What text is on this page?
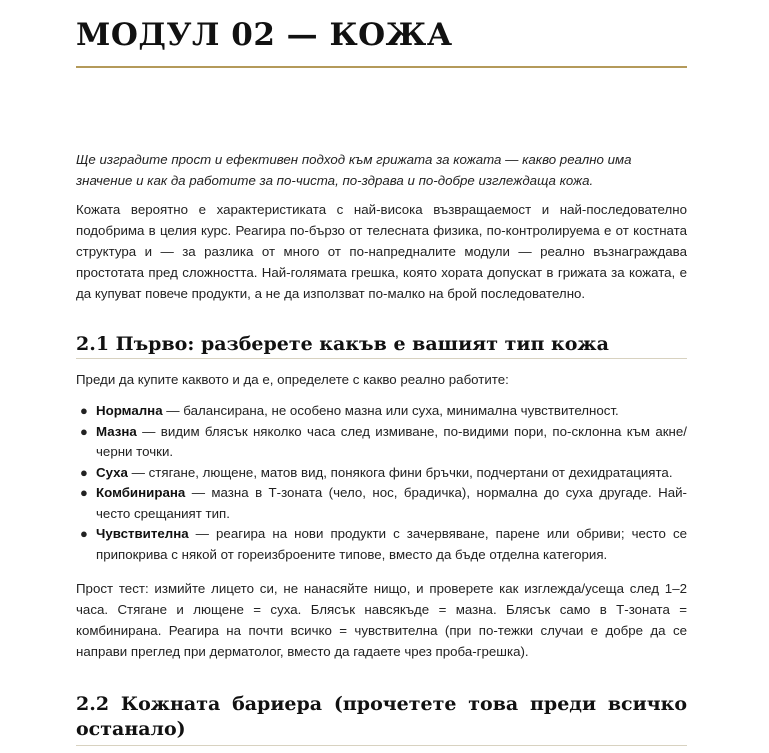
МОДУЛ 02 — КОЖА

Ще изградите прост и ефективен подход към грижата за кожата — какво реално има значение и как да работите за по-чиста, по-здрава и по-добре изглеждаща кожа.

Кожата вероятно е характеристиката с най-висока възвращаемост и най-последователно подобрима в целия курс. Реагира по-бързо от телесната физика, по-контролируема е от костната структура и — за разлика от много от по-напредналите модули — реално възнаграждава простотата пред сложността. Най-голямата грешка, която хората допускат в грижата за кожата, е да купуват повече продукти, а не да използват по-малко на брой последователно.

2.1 Първо: разберете какъв е вашият тип кожа

Преди да купите каквото и да е, определете с какво реално работите:

● Нормална — балансирана, не особено мазна или суха, минимална чувствителност.
● Мазна — видим блясък няколко часа след измиване, по-видими пори, по-склонна към акне/черни точки.
● Суха — стягане, лющене, матов вид, понякога фини бръчки, подчертани от дехидратацията.
● Комбинирана — мазна в Т-зоната (чело, нос, брадичка), нормална до суха другаде. Най-често срещаният тип.
● Чувствителна — реагира на нови продукти с зачервяване, парене или обриви; често се припокрива с някой от гореизброените типове, вместо да бъде отделна категория.

Прост тест: измийте лицето си, не нанасяйте нищо, и проверете как изглежда/усеща след 1–2 часа. Стягане и лющене = суха. Блясък навсякъде = мазна. Блясък само в Т-зоната = комбинирана. Реагира на почти всичко = чувствителна (при по-тежки случаи е добре да се направи преглед при дерматолог, вместо да гадаете чрез проба-грешка).

2.2 Кожната бариера (прочетете това преди всичко останало)
